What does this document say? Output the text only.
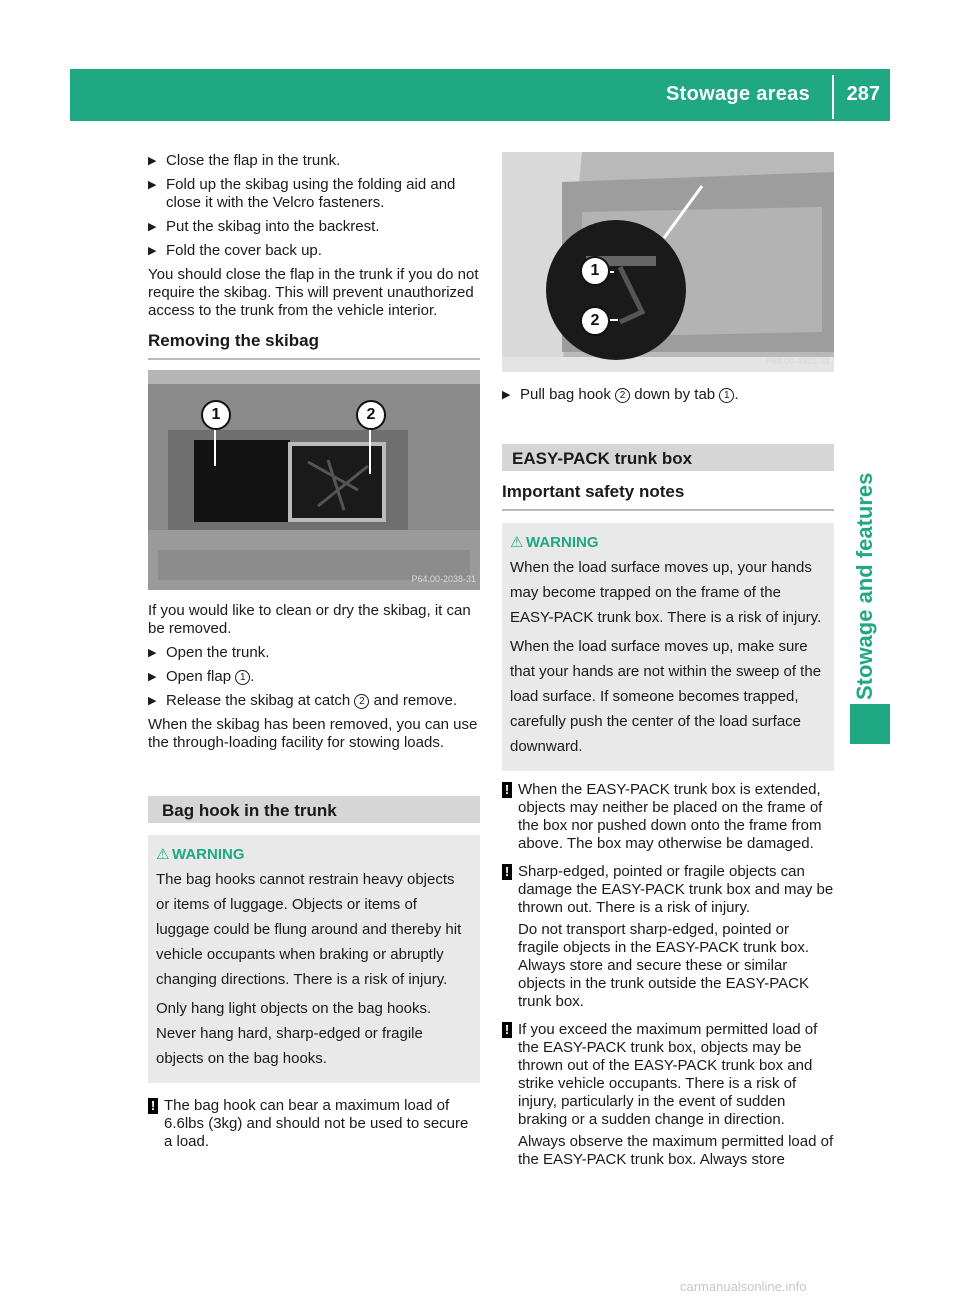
Stowage areas 287
Stowage and features
▶ Close the flap in the trunk.
▶ Fold up the skibag using the folding aid and close it with the Velcro fasteners.
▶ Put the skibag into the backrest.
▶ Fold the cover back up.

You should close the flap in the trunk if you do not require the skibag. This will prevent unauthorized access to the trunk from the vehicle interior.

Removing the skibag
1	2
P64.00-2038-31

If you would like to clean or dry the skibag, it can be removed.

▶ Open the trunk.
▶ Open flap 1 .
▶ Release the skibag at catch 2 and remove.

When the skibag has been removed, you can use the through-loading facility for stowing loads.

Bag hook in the trunk
⚠ WARNING

The bag hooks cannot restrain heavy objects or items of luggage. Objects or items of luggage could be flung around and thereby hit vehicle occupants when braking or abruptly changing directions. There is a risk of injury.

Only hang light objects on the bag hooks. Never hang hard, sharp-edged or fragile objects on the bag hooks.

! The bag hook can bear a maximum load of 6.6lbs (3kg) and should not be used to secure a load.

1
2
P68.00-4991-31
▶ Pull bag hook 2 down by tab 1 .
EASY-PACK trunk box
Important safety notes
⚠ WARNING

When the load surface moves up, your hands may become trapped on the frame of the EASY-PACK trunk box. There is a risk of injury.

When the load surface moves up, make sure that your hands are not within the sweep of the load surface. If someone becomes trapped, carefully push the center of the load surface downward.

! When the EASY-PACK trunk box is extended, objects may neither be placed on the frame of the box nor pushed down onto the frame from above. The box may otherwise be damaged.

! Sharp-edged, pointed or fragile objects can damage the EASY-PACK trunk box and may be thrown out. There is a risk of injury.

Do not transport sharp-edged, pointed or fragile objects in the EASY-PACK trunk box. Always store and secure these or similar objects in the trunk outside the EASY-PACK trunk box.

! If you exceed the maximum permitted load of the EASY-PACK trunk box, objects may be thrown out of the EASY-PACK trunk box and strike vehicle occupants. There is a risk of injury, particularly in the event of sudden braking or a sudden change in direction.

Always observe the maximum permitted load of the EASY-PACK trunk box. Always store

carmanualsonline.info
